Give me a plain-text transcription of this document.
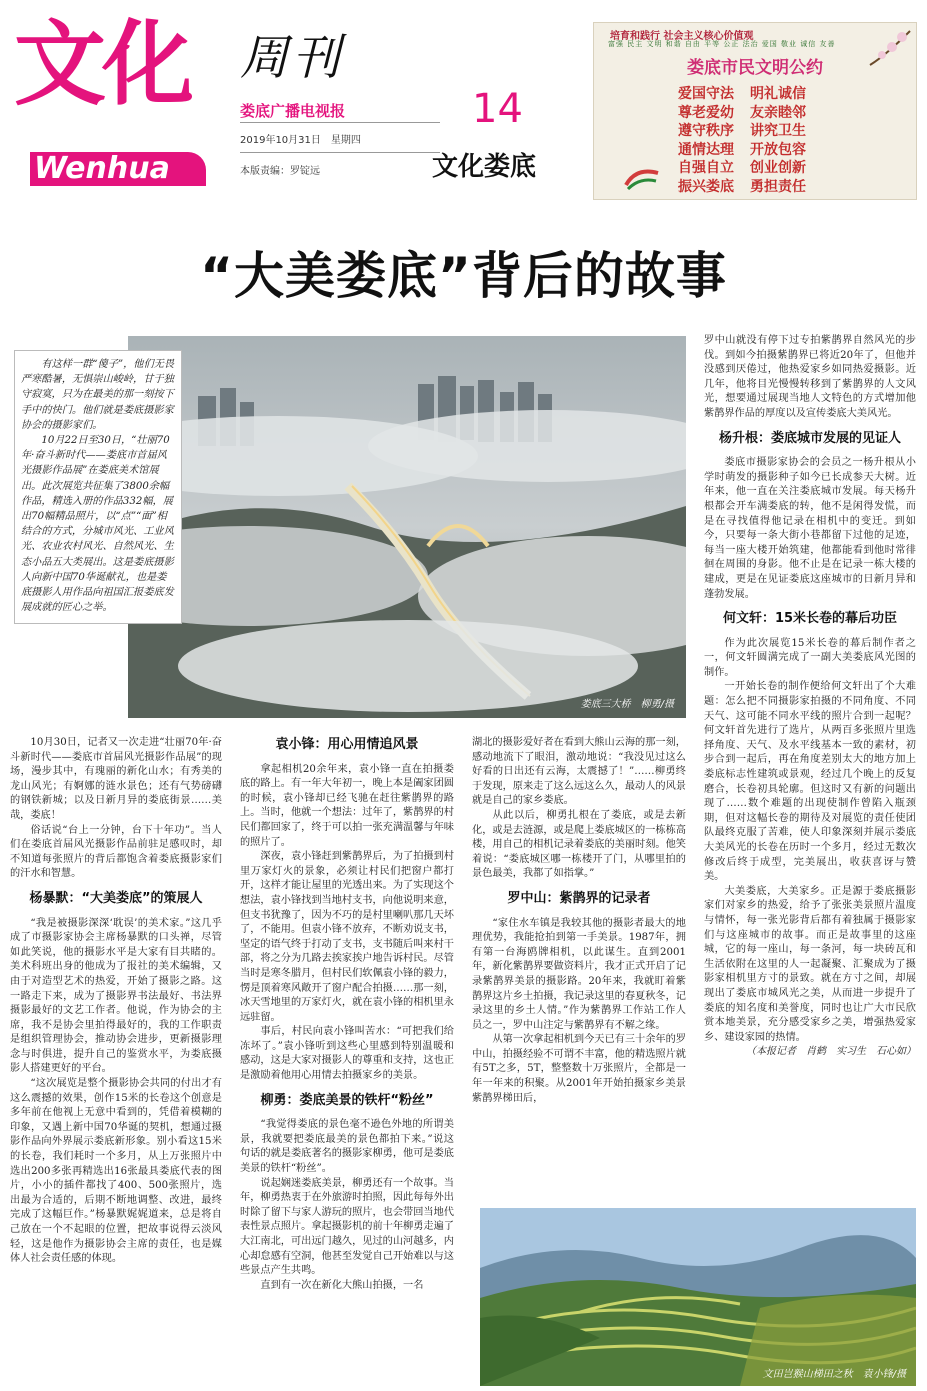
文化
Wenhua
周刊
娄底广播电视报
2019年10月31日　星期四
本版责编：罗锭远
14
文化娄底
培育和践行 社会主义核心价值观
富强 民主 文明 和谐 自由 平等 公正 法治 爱国 敬业 诚信 友善
娄底市民文明公约
爱国守法 明礼诚信
尊老爱幼 友亲睦邻
遵守秩序 讲究卫生
通情达理 开放包容
自强自立 创业创新
振兴娄底 勇担责任
“大美娄底”背后的故事
娄底三大桥　柳勇/摄

有这样一群“傻子”，他们无畏严寒酷暑，无惧崇山峻岭，甘于独守寂寞，只为在最美的那一刻按下手中的快门。他们就是娄底摄影家协会的摄影家们。

10月22日至30日，“壮丽70年·奋斗新时代——娄底市首届风光摄影作品展”在娄底美术馆展出。此次展览共征集了3800余幅作品，精选入册的作品332幅，展出70幅精品照片，以“点”“面”相结合的方式，分城市风光、工业风光、农业农村风光、自然风光、生态小品五大类展出。这是娄底摄影人向新中国70华诞献礼，也是娄底摄影人用作品向祖国汇报娄底发展成就的匠心之举。

罗中山就没有停下过专拍紫鹊界自然风光的步伐。到如今拍摄紫鹊界已将近20年了，但他并没感到厌倦过，他热爱家乡如同热爱摄影。近几年，他将目光慢慢转移到了紫鹊界的人文风光，想要通过展现当地人文特色的方式增加他紫鹊界作品的厚度以及宣传娄底大美风光。

杨升根：娄底城市发展的见证人

娄底市摄影家协会的会员之一杨升根从小学时萌发的摄影种子如今已长成参天大树。近年来，他一直在关注娄底城市发展。每天杨升根都会开车满娄底的转，他不是闲得发慌，而是在寻找值得他记录在相机中的变迁。到如今，只要每一条大街小巷都留下过他的足迹，每当一座大楼开始筑建，他都能看到他时常徘徊在周围的身影。他不止是在记录一栋大楼的建成，更是在见证娄底这座城市的日新月异和蓬勃发展。

何文轩：15米长卷的幕后功臣

作为此次展览15米长卷的幕后制作者之一，何文轩圆满完成了一副大美娄底风光图的制作。

一开始长卷的制作便给何文轩出了个大难题：怎么把不同摄影家拍摄的不同角度、不同天气、这可能不同水平线的照片合到一起呢？何文轩首先进行了选片，从两百多张照片里选择角度、天气、及水平线基本一致的素材，初步合到一起后，再在角度差别太大的地方加上娄底标志性建筑或景观，经过几个晚上的反复磨合，长卷初具轮廓。但这时又有新的问题出现了……数个难题的出现使制作曾陷入瓶颈期，但对这幅长卷的期待及对展览的责任使团队最终克服了苦难，使人印象深刻并展示娄底大美风光的长卷在历时一个多月，经过无数次修改后终于成型，完美展出，收获喜讶与赞美。

大美娄底，大美家乡。正是源于娄底摄影家们对家乡的热爱，给予了张张美景照片温度与情怀，每一张光影背后都有着独属于摄影家们与这座城市的故事。而正是故事里的这座城，它的每一座山，每一条河，每一块砖瓦和生活依附在这里的人一起凝聚、汇聚成为了摄影家相机里方寸的景致。就在方寸之间，却展现出了娄底市城风光之美，从而进一步提升了娄底的知名度和美誉度，同时也让广大市民欣赏本地美景，充分感受家乡之美，增强热爱家乡、建设家园的热情。

（本报记者　肖鹤　实习生　石心如）

10月30日，记者又一次走进“壮丽70年·奋斗新时代——娄底市首届风光摄影作品展”的现场，漫步其中，有瑰丽的新化山水；有秀美的龙山风光；有婀娜的涟水景色；还有气势磅礴的钢铁新城；以及日新月异的娄底街景……美哉，娄底！

俗话说“台上一分钟，台下十年功”。当人们在娄底首届风光摄影作品前驻足感叹时，却不知道每张照片的背后都饱含着娄底摄影家们的汗水和智慧。

杨暴默：“大美娄底”的策展人

“我是被摄影深深‘耽误’的美术家。”这几乎成了市摄影家协会主席杨暴默的口头禅，尽管如此笑说，他的摄影水平是大家有目共睹的。美术科班出身的他成为了报社的美术编辑，又由于对造型艺术的热爱，开始了摄影之路。这一路走下来，成为了摄影界书法最好、书法界摄影最好的文艺工作者。他说，作为协会的主席，我不是协会里拍得最好的，我的工作职责是组织管理协会，推动协会进步，更新摄影理念与时俱进，提升自己的鉴赏水平，为娄底摄影人搭建更好的平台。

“这次展览是整个摄影协会共同的付出才有这么震撼的效果，创作15米的长卷这个创意是多年前在他视上无意中看到的，凭借着模糊的印象，又遇上新中国70华诞的契机，想通过摄影作品向外界展示娄底新形象。别小看这15米的长卷，我们耗时一个多月，从上万张照片中选出200多张再精选出16张最具娄底代表的图片，小小的插件都找了400、500张照片，选出最为合适的，后期不断地调整、改进，最终完成了这幅巨作。”杨暴默娓娓道来，总是将自己放在一个不起眼的位置，把故事说得云淡风轻，这是他作为摄影协会主席的责任，也是媒体人社会责任感的体现。

袁小锋：用心用情追风景

拿起相机20余年来，袁小锋一直在拍摄娄底的路上。有一年大年初一，晚上本是阖家团圆的时候，袁小锋却已经飞驰在赶往紫鹊界的路上。当时，他就一个想法：过年了，紫鹊界的村民们都回家了，终于可以拍一张充满温馨与年味的照片了。

深夜，袁小锋赶到紫鹊界后，为了拍摄到村里万家灯火的景象，必须让村民们把窗户都打开，这样才能让屋里的光透出来。为了实现这个想法，袁小锋找到当地村支书，向他说明来意，但支书犹豫了，因为不巧的是村里喇叭那几天坏了，不能用。但袁小锋不放弃，不断劝说支书，坚定的语气终于打动了支书，支书随后叫来村干部，将之分为几路去挨家挨户地告诉村民。尽管当时是寒冬腊月，但村民们软佩袁小锋的毅力，愣是顶着寒风敞开了窗户配合拍摄……那一刻，冰天雪地里的万家灯火，就在袁小锋的相机里永远驻留。

事后，村民向袁小锋叫苦水：“可把我们给冻坏了。”袁小锋听到这些心里感到特别温暖和感动，这是大家对摄影人的尊重和支持，这也正是激励着他用心用情去拍摄家乡的美景。

柳勇：娄底美景的铁杆“粉丝”

“我觉得娄底的景色毫不逊色外地的所谓美景，我就要把娄底最美的景色都拍下来。”说这句话的就是娄底著名的摄影家柳勇，他可是娄底美景的铁杆“粉丝”。

说起娴迷娄底美景，柳勇还有一个故事。当年，柳勇热衷于在外旅游时拍照，因此每每外出时除了留下与家人游玩的照片，也会带回当地代表性景点照片。拿起摄影机的前十年柳勇走遍了大江南北，可出远门越久，见过的山河越多，内心却怠感有空洞，他甚至发觉自己开始难以与这些景点产生共鸣。

直到有一次在新化大熊山拍摄，一名

湖北的摄影爱好者在看到大熊山云海的那一刻，感动地流下了眼泪，激动地说：“我没见过这么好看的日出还有云海，太震撼了！”……柳勇终于发现，原来走了这么远这么久，最动人的风景就是自己的家乡娄底。

从此以后，柳勇扎根在了娄底，或是去新化，或是去涟源，或是爬上娄底城区的一栋栋高楼，用自己的相机记录着娄底的美丽时刻。他笑着说：“娄底城区哪一栋楼开了门，从哪里拍的景色最美，我都了如指掌。”

罗中山：紫鹊界的记录者

“家住水车镇是我较其他的摄影者最大的地理优势，我能抢拍到第一手美景。1987年，拥有第一台海鸥牌相机，以此谋生。直到2001年，新化紫鹊界要做资料片，我才正式开启了记录紫鹊界美景的摄影路。20年来，我就盯着紫鹊界这片乡土拍摄，我记录这里的春夏秋冬，记录这里的乡土人情。”作为紫鹊界工作站工作人员之一，罗中山注定与紫鹊界有不解之缘。

从第一次拿起相机到今天已有三十余年的罗中山，拍摄经验不可谓不丰富，他的精选照片就有5T之多，5T，整整数十万张照片，全都是一年一年来的积聚。从2001年开始拍摄家乡美景紫鹊界梯田后，

文田岂猴山梯田之秋　袁小锋/摄
